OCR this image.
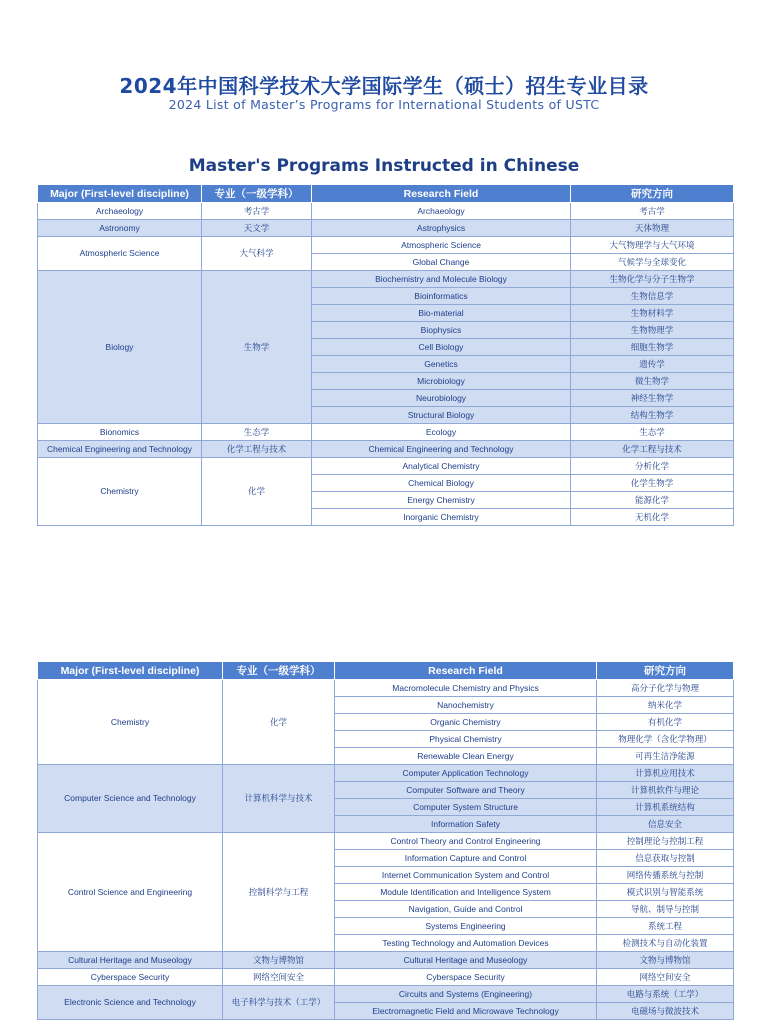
2024年中国科学技术大学国际学生（硕士）招生专业目录
2024 List of Master’s Programs for International Students of USTC
Master's Programs Instructed in Chinese
Major (First-level discipline)	专业（一级学科）	Research Field	研究方向
Archaeology	考古学	Archaeology	考古学
Astronomy	天文学	Astrophysics	天体物理
Atmospheric Science	大气科学	Atmospheric Science	大气物理学与大气环境
		Global Change	气候学与全球变化
Biology	生物学	Biochemistry and Molecule Biology	生物化学与分子生物学
		Bioinformatics	生物信息学
		Bio-material	生物材料学
		Biophysics	生物物理学
		Cell Biology	细胞生物学
		Genetics	遗传学
		Microbiology	微生物学
		Neurobiology	神经生物学
		Structural Biology	结构生物学
Bionomics	生态学	Ecology	生态学
Chemical Engineering and Technology	化学工程与技术	Chemical Engineering and Technology	化学工程与技术
Chemistry	化学	Analytical Chemistry	分析化学
		Chemical Biology	化学生物学
		Energy Chemistry	能源化学
		Inorganic Chemistry	无机化学
Major (First-level discipline)	专业（一级学科）	Research Field	研究方向
Chemistry	化学	Macromolecule Chemistry and Physics	高分子化学与物理
		Nanochemistry	纳米化学
		Organic Chemistry	有机化学
		Physical Chemistry	物理化学（含化学物理）
		Renewable Clean Energy	可再生洁净能源
Computer Science and Technology	计算机科学与技术	Computer Application Technology	计算机应用技术
		Computer Software and Theory	计算机软件与理论
		Computer System Structure	计算机系统结构
		Information Safety	信息安全
Control Science and Engineering	控制科学与工程	Control Theory and Control Engineering	控制理论与控制工程
		Information Capture and Control	信息获取与控制
		Internet Communication System and Control	网络传播系统与控制
		Module Identification and Intelligence System	模式识别与智能系统
		Navigation, Guide and Control	导航、制导与控制
		Systems Engineering	系统工程
		Testing Technology and Automation Devices	检测技术与自动化装置
Cultural Heritage and Museology	文物与博物馆	Cultural Heritage and Museology	文物与博物馆
Cyberspace Security	网络空间安全	Cyberspace Security	网络空间安全
Electronic Science and Technology	电子科学与技术（工学）	Circuits and Systems (Engineering)	电路与系统（工学）
		Electromagnetic Field and Microwave Technology	电磁场与微波技术
